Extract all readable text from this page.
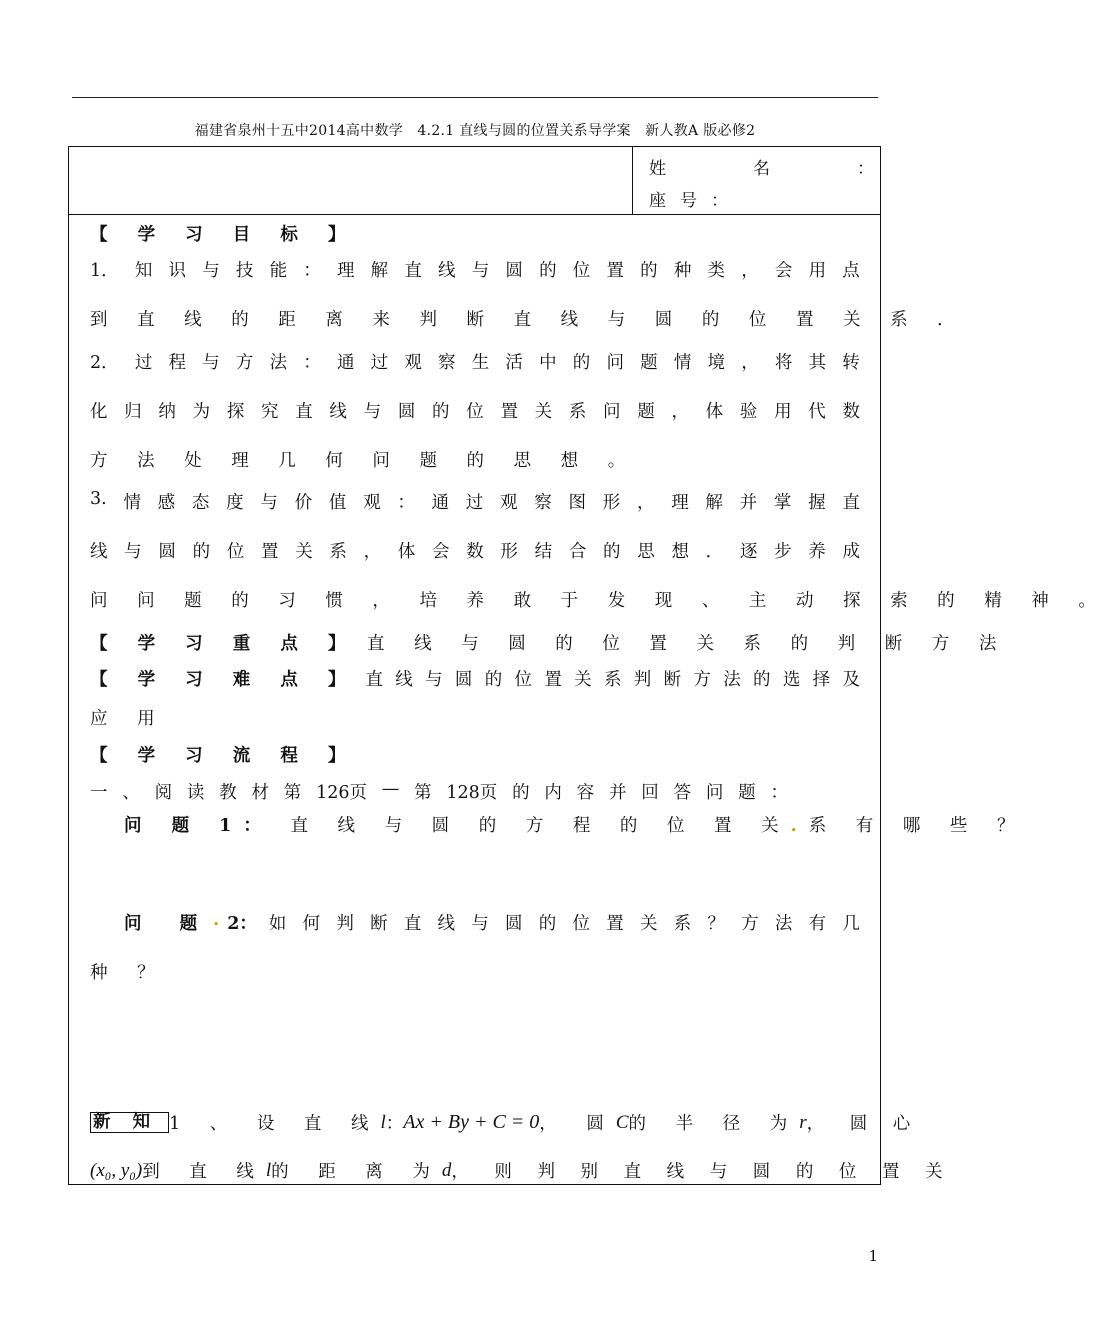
福建省泉州十五中2014高中数学　4.2.1 直线与圆的位置关系导学案　新人教A 版必修2
姓	名	：
座号：
【 学 习 目 标 】
1． 知 识 与 技 能 ： 理 解 直 线 与 圆 的 位 置 的 种 类 ， 会 用 点
到 直 线 的 距 离 来 判 断 直 线 与 圆 的 位 置 关 系 ．
2． 过 程 与 方 法 ： 通 过 观 察 生 活 中 的 问 题 情 境 ， 将 其 转
化 归 纳 为 探 究 直 线 与 圆 的 位 置 关 系 问 题 ， 体 验 用 代 数
方 法 处 理 几 何 问 题 的 思 想 。
3. 情 感 态 度 与 价 值 观 ： 通 过 观 察 图 形 ， 理 解 并 掌 握 直
线 与 圆 的 位 置 关 系 ， 体 会 数 形 结 合 的 思 想 ． 逐 步 养 成
问 问 题 的 习 惯 ， 培 养 敢 于 发 现 、 主 动 探 索 的 精 神 。
【 学 习 重 点 】 直 线 与 圆 的 位 置 关 系 的 判 断 方 法
【 学 习 难 点 】 直 线 与 圆 的 位 置 关 系 判 断 方 法 的 选 择 及
应 用
【 学 习 流 程 】
一 、 阅 读 教 材 第 126页 — 第 128页 的 内 容 并 回 答 问 题 ：
问 题 1： 直 线 与 圆 的 方 程 的 位 置 关.系 有 哪 些 ？
问 题 . 2： 如 何 判 断 直 线 与 圆 的 位 置 关 系 ？ 方 法 有 几
种 ？
新 知 1 、 设 直 线 l ： Ax + By + C = 0 ， 圆 C 的 半 径 为 r ， 圆 心
(x₀, y₀) 到 直 线 l 的 距 离 为 d ， 则 判 别 直 线 与 圆 的 位 置 关
1
